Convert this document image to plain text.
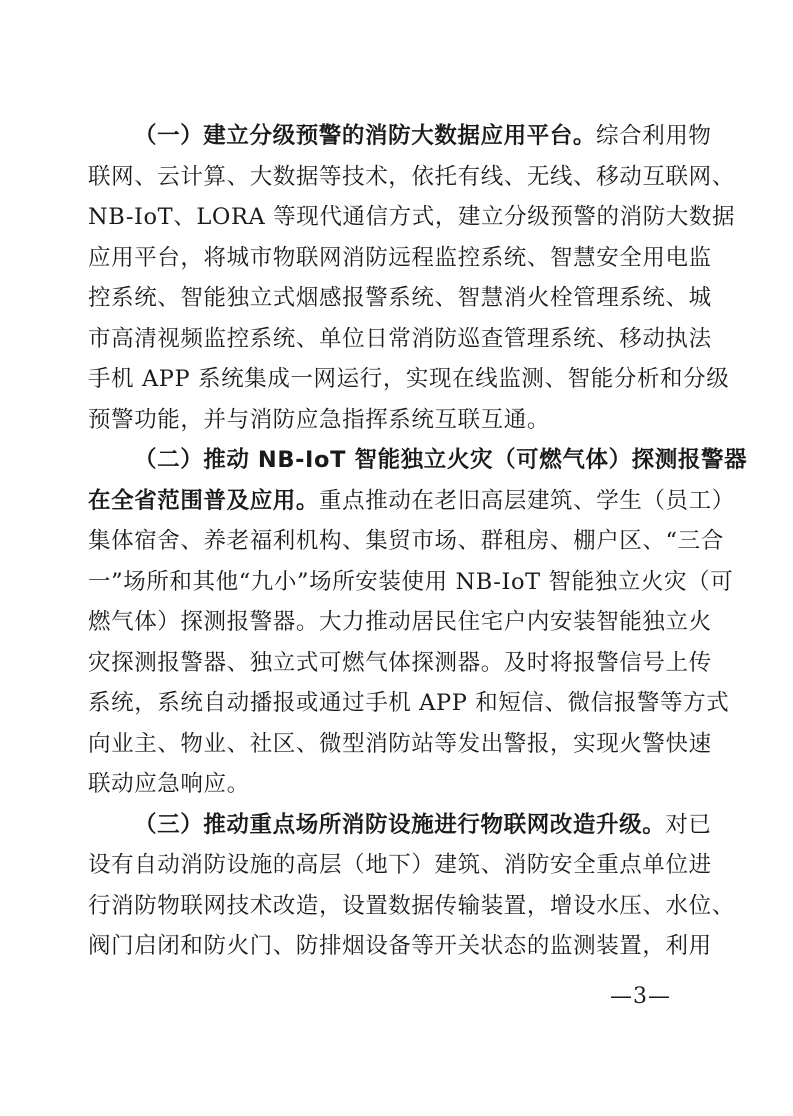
（一）建立分级预警的消防大数据应用平台。综合利用物
联网、云计算、大数据等技术，依托有线、无线、移动互联网、
NB-IoT、LORA 等现代通信方式，建立分级预警的消防大数据
应用平台，将城市物联网消防远程监控系统、智慧安全用电监
控系统、智能独立式烟感报警系统、智慧消火栓管理系统、城
市高清视频监控系统、单位日常消防巡查管理系统、移动执法
手机 APP 系统集成一网运行，实现在线监测、智能分析和分级
预警功能，并与消防应急指挥系统互联互通。
（二）推动 NB-IoT 智能独立火灾（可燃气体）探测报警器
在全省范围普及应用。重点推动在老旧高层建筑、学生（员工）
集体宿舍、养老福利机构、集贸市场、群租房、棚户区、“三合
一”场所和其他“九小”场所安装使用 NB-IoT 智能独立火灾（可
燃气体）探测报警器。大力推动居民住宅户内安装智能独立火
灾探测报警器、独立式可燃气体探测器。及时将报警信号上传
系统，系统自动播报或通过手机 APP 和短信、微信报警等方式
向业主、物业、社区、微型消防站等发出警报，实现火警快速
联动应急响应。
（三）推动重点场所消防设施进行物联网改造升级。对已
设有自动消防设施的高层（地下）建筑、消防安全重点单位进
行消防物联网技术改造，设置数据传输装置，增设水压、水位、
阀门启闭和防火门、防排烟设备等开关状态的监测装置，利用
—3—
